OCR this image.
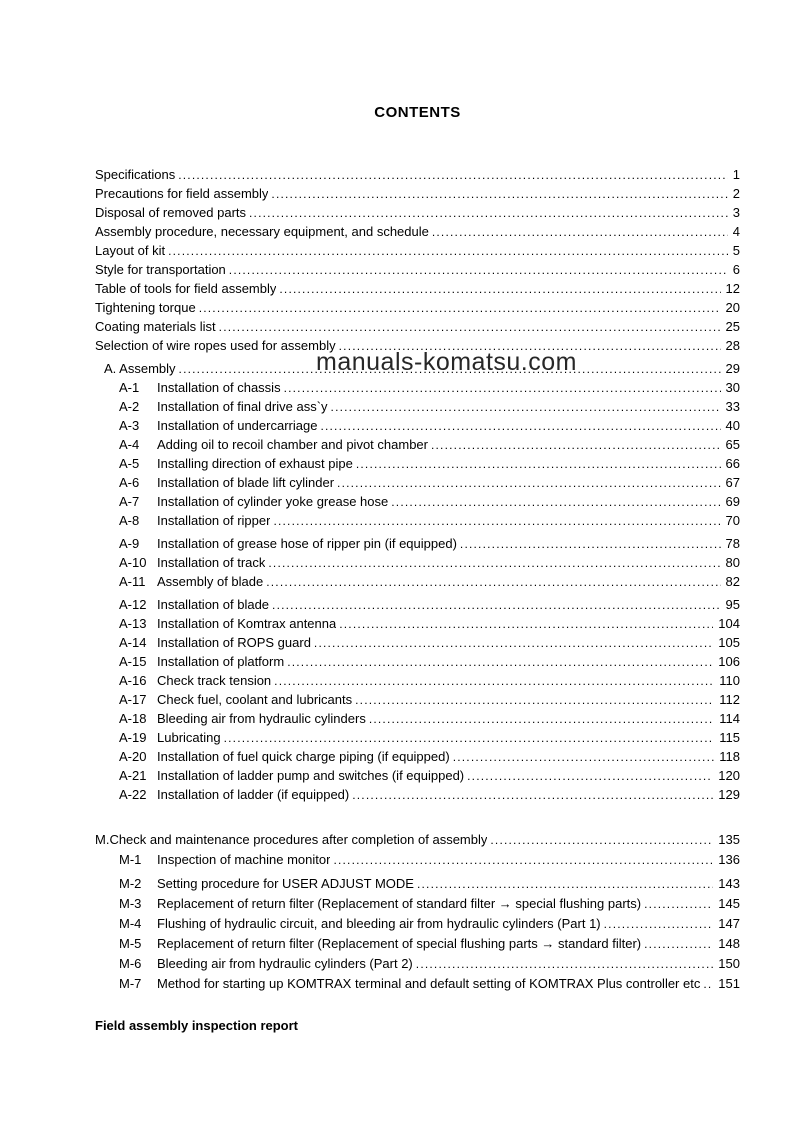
CONTENTS
Specifications .....	1
Precautions for field assembly .....	2
Disposal of removed parts .....	3
Assembly procedure, necessary equipment, and schedule .....	4
Layout of kit .....	5
Style for transportation .....	6
Table of tools for field assembly .....	12
Tightening torque .....	20
Coating materials list .....	25
Selection of wire ropes used for assembly .....	28
A. Assembly .....	29
A-1	Installation of chassis .....	30
A-2	Installation of final drive ass`y .....	33
A-3	Installation of undercarriage .....	40
A-4	Adding oil to recoil chamber and pivot chamber .....	65
A-5	Installing direction of exhaust pipe .....	66
A-6	Installation of blade lift cylinder .....	67
A-7	Installation of cylinder yoke grease hose .....	69
A-8	Installation of ripper .....	70
A-9	Installation of grease hose of ripper pin (if equipped) .....	78
A-10 Installation of track .....	80
A-11 Assembly of blade .....	82
A-12 Installation of blade .....	95
A-13 Installation of Komtrax antenna .....	104
A-14 Installation of ROPS guard .....	105
A-15 Installation of platform .....	106
A-16 Check track tension .....	110
A-17 Check fuel, coolant and lubricants .....	112
A-18 Bleeding air from hydraulic cylinders .....	114
A-19 Lubricating .....	115
A-20 Installation of fuel quick charge piping (if equipped) .....	118
A-21 Installation of ladder pump and switches (if equipped) .....	120
A-22 Installation of ladder (if equipped) .....	129
M.Check and maintenance procedures after completion of assembly .....	135
M-1	Inspection of machine monitor .....	136
M-2	Setting procedure for USER ADJUST MODE .....	143
M-3	Replacement of return filter (Replacement of standard filter → special flushing parts) .....	145
M-4	Flushing of hydraulic circuit, and bleeding air from hydraulic cylinders (Part 1) .....	147
M-5	Replacement of return filter (Replacement of special flushing parts → standard filter) .....	148
M-6	Bleeding air from hydraulic cylinders (Part 2) .....	150
M-7	Method for starting up KOMTRAX terminal and default setting of KOMTRAX Plus controller etc ..... 151
Field assembly inspection report
manuals-komatsu.com
